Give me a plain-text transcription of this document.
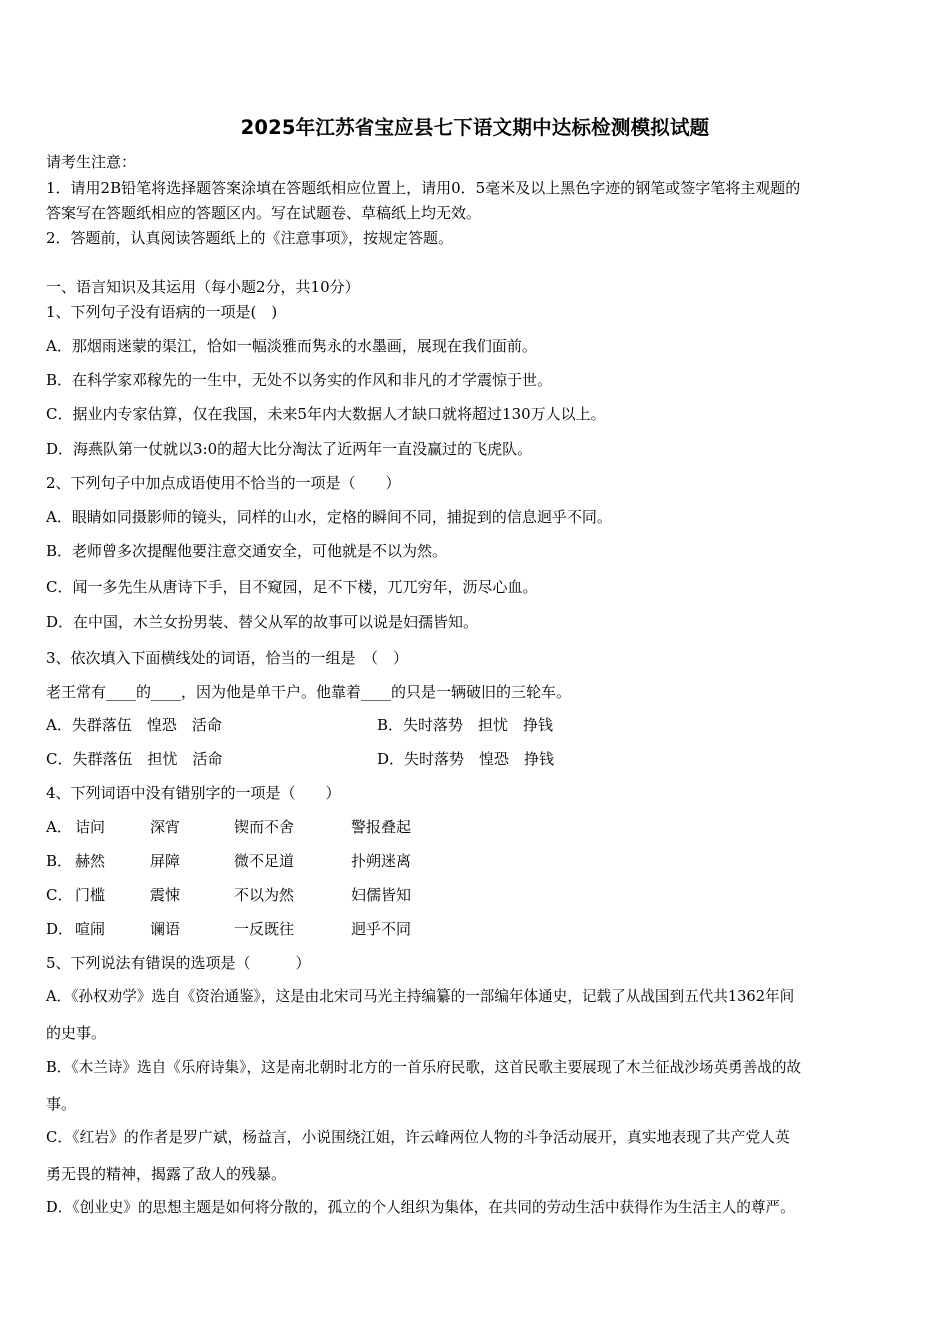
2025年江苏省宝应县七下语文期中达标检测模拟试题
请考生注意：
1．请用2B铅笔将选择题答案涂填在答题纸相应位置上，请用0．5毫米及以上黑色字迹的钢笔或签字笔将主观题的
答案写在答题纸相应的答题区内。写在试题卷、草稿纸上均无效。
2．答题前，认真阅读答题纸上的《注意事项》，按规定答题。
一、语言知识及其运用（每小题2分，共10分）
1、下列句子没有语病的一项是(　)
A．那烟雨迷蒙的渠江，恰如一幅淡雅而隽永的水墨画，展现在我们面前。
B．在科学家邓稼先的一生中，无处不以务实的作风和非凡的才学震惊于世。
C．据业内专家估算，仅在我国，未来5年内大数据人才缺口就将超过130万人以上。
D．海燕队第一仗就以3:0的超大比分淘汰了近两年一直没赢过的飞虎队。
2、下列句子中加点成语使用不恰当的一项是（　　）
A．眼睛如同摄影师的镜头，同样的山水，定格的瞬间不同，捕捉到的信息迥乎不同。
B．老师曾多次提醒他要注意交通安全，可他就是不以为然。
C．闻一多先生从唐诗下手，目不窥园，足不下楼，兀兀穷年，沥尽心血。
D．在中国，木兰女扮男装、替父从军的故事可以说是妇孺皆知。
3、依次填入下面横线处的词语，恰当的一组是　（　）
老王常有____的____，因为他是单干户。他靠着____的只是一辆破旧的三轮车。
A．失群落伍　惶恐　活命	B．失时落势　担忧　挣钱
C．失群落伍　担忧　活命	D．失时落势　惶恐　挣钱
4、下列词语中没有错别字的一项是（　　）
A． 诘问	深宵	锲而不舍	警报叠起
B． 赫然	屏障	微不足道	扑朔迷离
C． 门槛	震悚	不以为然	妇儒皆知
D． 喧闹	谰语	一反既往	迥乎不同
5、下列说法有错误的选项是（　　　）
A．《孙权劝学》选自《资治通鉴》，这是由北宋司马光主持编纂的一部编年体通史，记载了从战国到五代共1362年间
的史事。
B．《木兰诗》选自《乐府诗集》，这是南北朝时北方的一首乐府民歌，这首民歌主要展现了木兰征战沙场英勇善战的故
事。
C．《红岩》的作者是罗广斌，杨益言，小说围绕江姐，许云峰两位人物的斗争活动展开，真实地表现了共产党人英
勇无畏的精神，揭露了敌人的残暴。
D．《创业史》的思想主题是如何将分散的，孤立的个人组织为集体，在共同的劳动生活中获得作为生活主人的尊严。
